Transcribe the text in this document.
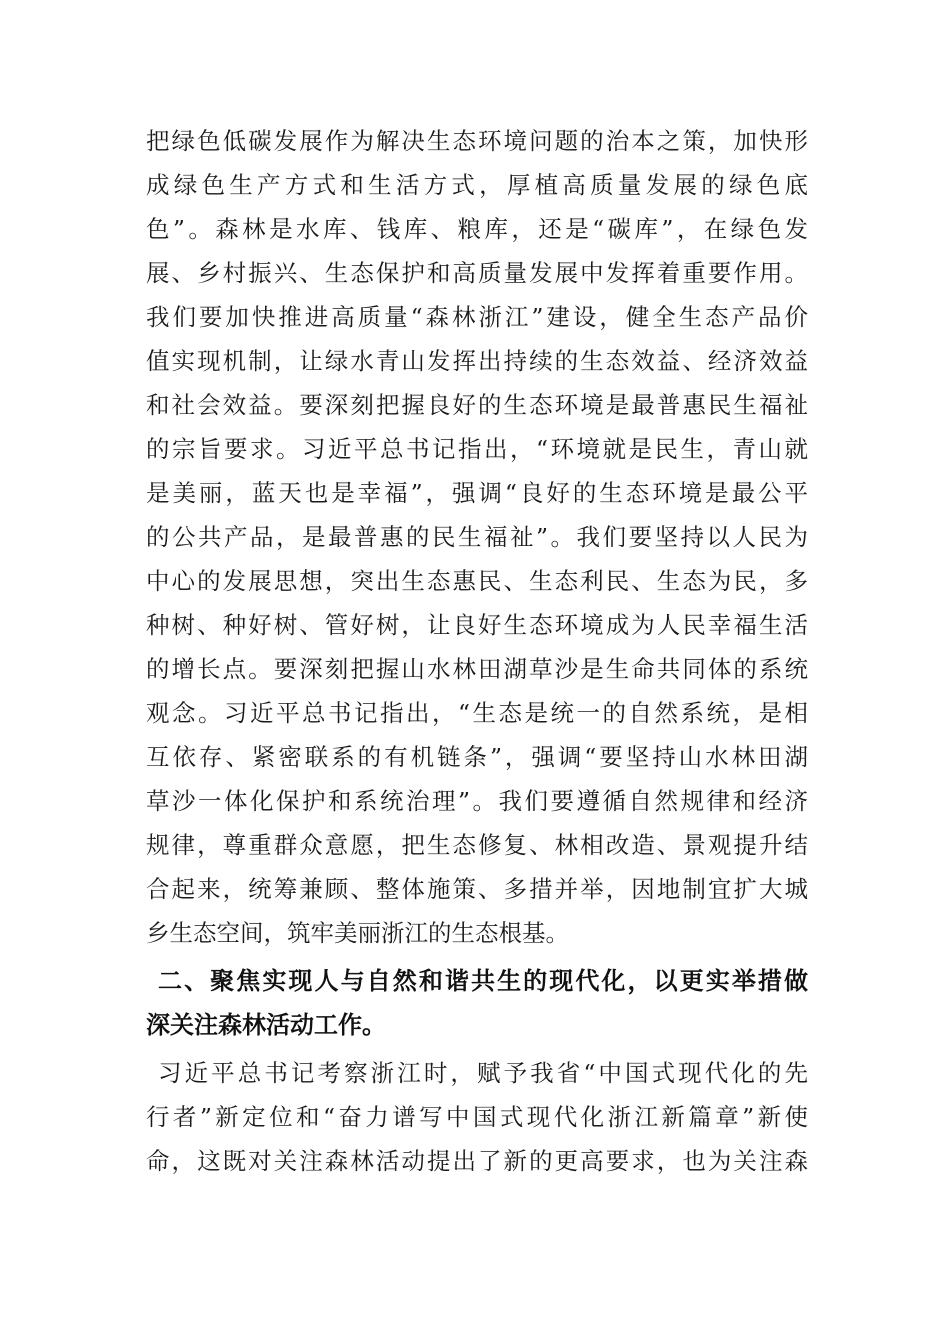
把绿色低碳发展作为解决生态环境问题的治本之策，加快形
成绿色生产方式和生活方式，厚植高质量发展的绿色底
色”。森林是水库、钱库、粮库，还是“碳库”，在绿色发
展、乡村振兴、生态保护和高质量发展中发挥着重要作用。
我们要加快推进高质量“森林浙江”建设，健全生态产品价
值实现机制，让绿水青山发挥出持续的生态效益、经济效益
和社会效益。要深刻把握良好的生态环境是最普惠民生福祉
的宗旨要求。习近平总书记指出，“环境就是民生，青山就
是美丽，蓝天也是幸福”，强调“良好的生态环境是最公平
的公共产品，是最普惠的民生福祉”。我们要坚持以人民为
中心的发展思想，突出生态惠民、生态利民、生态为民，多
种树、种好树、管好树，让良好生态环境成为人民幸福生活
的增长点。要深刻把握山水林田湖草沙是生命共同体的系统
观念。习近平总书记指出，“生态是统一的自然系统，是相
互依存、紧密联系的有机链条”，强调“要坚持山水林田湖
草沙一体化保护和系统治理”。我们要遵循自然规律和经济
规律，尊重群众意愿，把生态修复、林相改造、景观提升结
合起来，统筹兼顾、整体施策、多措并举，因地制宜扩大城
乡生态空间，筑牢美丽浙江的生态根基。
二、聚焦实现人与自然和谐共生的现代化，以更实举措做
深关注森林活动工作。
习近平总书记考察浙江时，赋予我省“中国式现代化的先
行者”新定位和“奋力谱写中国式现代化浙江新篇章”新使
命，这既对关注森林活动提出了新的更高要求，也为关注森
